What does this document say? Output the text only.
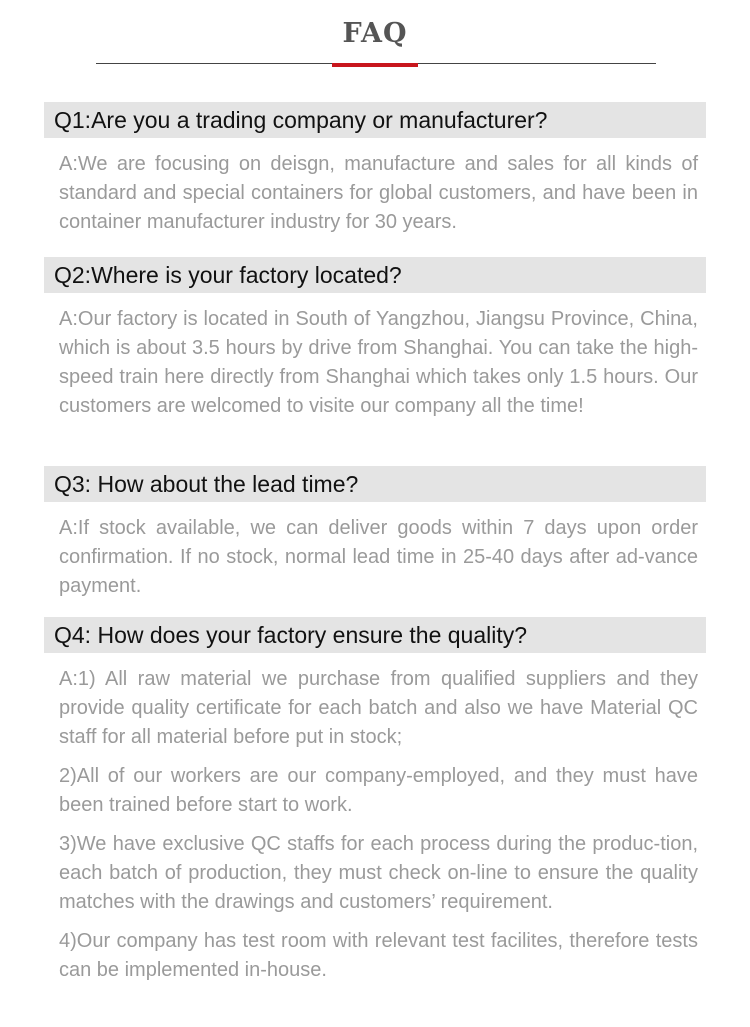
FAQ
Q1:Are you a trading company or manufacturer?

A:We are focusing on deisgn, manufacture and sales for all kinds of standard and special containers for global customers, and have been in container manufacturer industry for 30 years.

Q2:Where is your factory located?

A:Our factory is located in South of Yangzhou, Jiangsu Province, China, which is about 3.5 hours by drive from Shanghai. You can take the high-speed train here directly from Shanghai which takes only 1.5 hours. Our customers are welcomed to visite our company all the time!

Q3: How about the lead time?

A:If stock available, we can deliver goods within 7 days upon order confirmation. If no stock, normal lead time in 25-40 days after ad-vance payment.

Q4: How does your factory ensure the quality?

A:1) All raw material we purchase from qualified suppliers and they provide quality certificate for each batch and also we have Material QC staff for all material before put in stock;

2)All of our workers are our company-employed, and they must have been trained before start to work.

3)We have exclusive QC staffs for each process during the produc-tion, each batch of production, they must check on-line to ensure the quality matches with the drawings and customers’ requirement.

4)Our company has test room with relevant test facilites, therefore tests can be implemented in-house.
